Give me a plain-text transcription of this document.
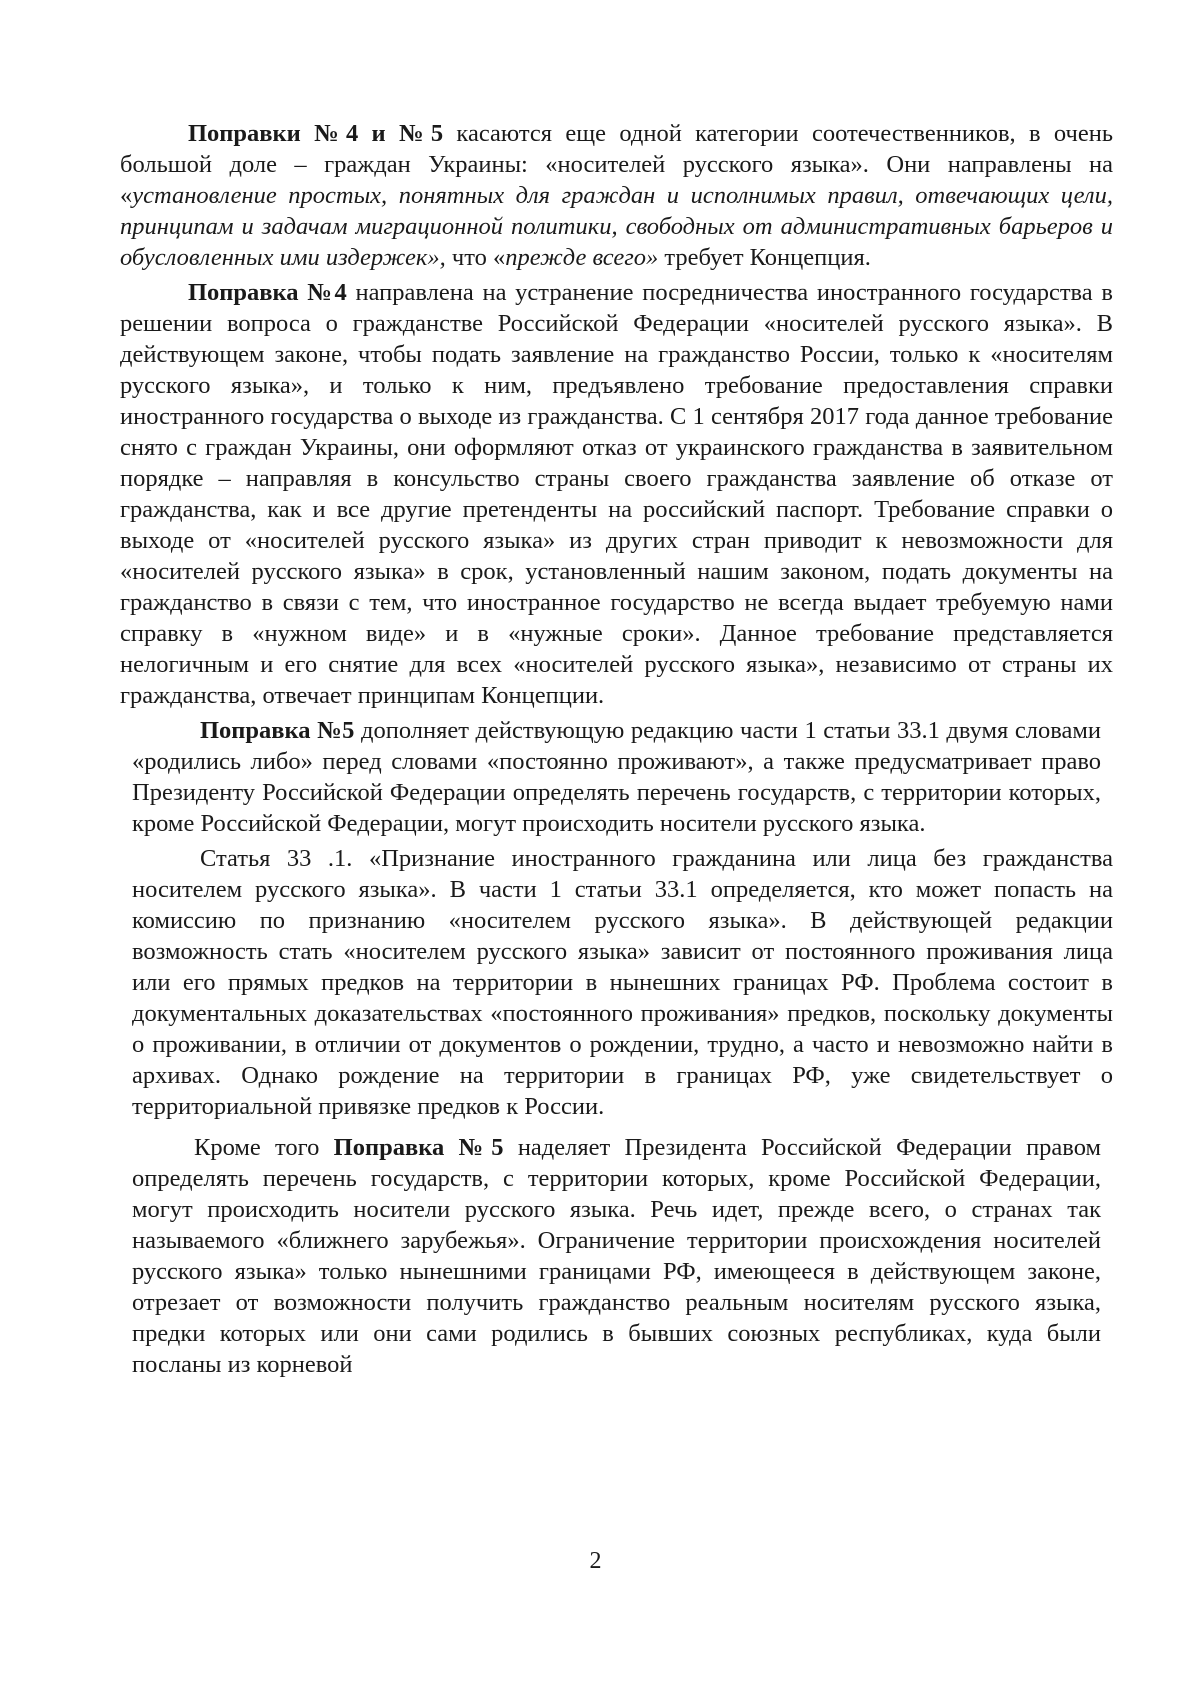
Поправки №4 и №5 касаются еще одной категории соотечественников, в очень большой доле – граждан Украины: «носителей русского языка». Они направлены на «установление простых, понятных для граждан и исполнимых правил, отвечающих цели, принципам и задачам миграционной политики, свободных от административных барьеров и обусловленных ими издержек», что «прежде всего» требует Концепция.

Поправка №4 направлена на устранение посредничества иностранного государства в решении вопроса о гражданстве Российской Федерации «носителей русского языка». В действующем законе, чтобы подать заявление на гражданство России, только к «носителям русского языка», и только к ним, предъявлено требование предоставления справки иностранного государства о выходе из гражданства. С 1 сентября 2017 года данное требование снято с граждан Украины, они оформляют отказ от украинского гражданства в заявительном порядке – направляя в консульство страны своего гражданства заявление об отказе от гражданства, как и все другие претенденты на российский паспорт. Требование справки о выходе от «носителей русского языка» из других стран приводит к невозможности для «носителей русского языка» в срок, установленный нашим законом, подать документы на гражданство в связи с тем, что иностранное государство не всегда выдает требуемую нами справку в «нужном виде» и в «нужные сроки». Данное требование представляется нелогичным и его снятие для всех «носителей русского языка», независимо от страны их гражданства, отвечает принципам Концепции.

Поправка №5 дополняет действующую редакцию части 1 статьи 33.1 двумя словами «родились либо» перед словами «постоянно проживают», а также предусматривает право Президенту Российской Федерации определять перечень государств, с территории которых, кроме Российской Федерации, могут происходить носители русского языка.

Статья 33 .1. «Признание иностранного гражданина или лица без гражданства носителем русского языка». В части 1 статьи 33.1 определяется, кто может попасть на комиссию по признанию «носителем русского языка». В действующей редакции возможность стать «носителем русского языка» зависит от постоянного проживания лица или его прямых предков на территории в нынешних границах РФ. Проблема состоит в документальных доказательствах «постоянного проживания» предков, поскольку документы о проживании, в отличии от документов о рождении, трудно, а часто и невозможно найти в архивах. Однако рождение на территории в границах РФ, уже свидетельствует о территориальной привязке предков к России.

Кроме того Поправка №5 наделяет Президента Российской Федерации правом определять перечень государств, с территории которых, кроме Российской Федерации, могут происходить носители русского языка. Речь идет, прежде всего, о странах так называемого «ближнего зарубежья». Ограничение территории происхождения носителей русского языка» только нынешними границами РФ, имеющееся в действующем законе, отрезает от возможности получить гражданство реальным носителям русского языка, предки которых или они сами родились в бывших союзных республиках, куда были посланы из корневой

2
